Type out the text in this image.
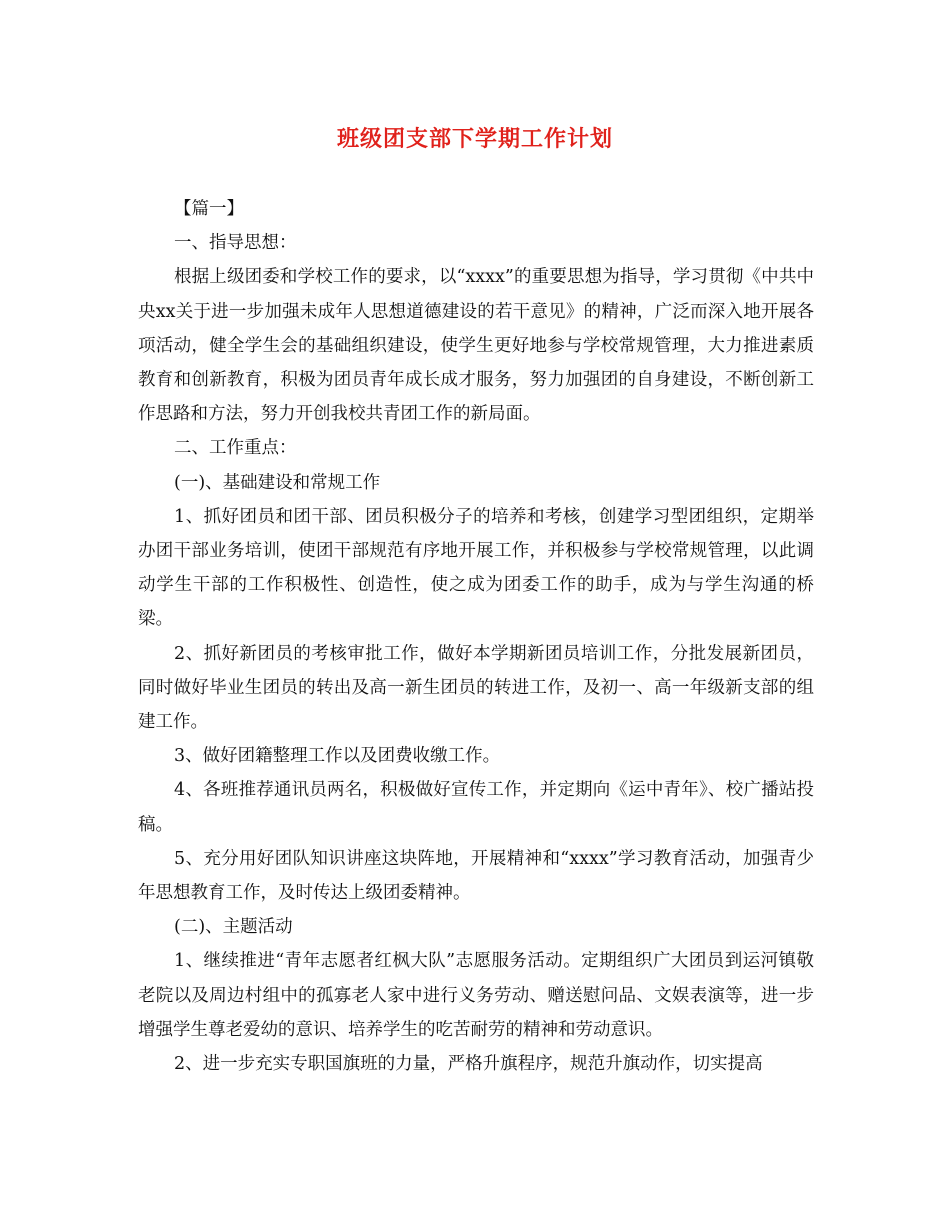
班级团支部下学期工作计划

【篇一】

一、指导思想：

根据上级团委和学校工作的要求，以“xxxx”的重要思想为指导，学习贯彻《中共中央xx关于进一步加强未成年人思想道德建设的若干意见》的精神，广泛而深入地开展各项活动，健全学生会的基础组织建设，使学生更好地参与学校常规管理，大力推进素质教育和创新教育，积极为团员青年成长成才服务，努力加强团的自身建设，不断创新工作思路和方法，努力开创我校共青团工作的新局面。

二、工作重点：

(一)、基础建设和常规工作

1、抓好团员和团干部、团员积极分子的培养和考核，创建学习型团组织，定期举办团干部业务培训，使团干部规范有序地开展工作，并积极参与学校常规管理，以此调动学生干部的工作积极性、创造性，使之成为团委工作的助手，成为与学生沟通的桥梁。

2、抓好新团员的考核审批工作，做好本学期新团员培训工作，分批发展新团员，同时做好毕业生团员的转出及高一新生团员的转进工作，及初一、高一年级新支部的组建工作。

3、做好团籍整理工作以及团费收缴工作。

4、各班推荐通讯员两名，积极做好宣传工作，并定期向《运中青年》、校广播站投稿。

5、充分用好团队知识讲座这块阵地，开展精神和“xxxx”学习教育活动，加强青少年思想教育工作，及时传达上级团委精神。

(二)、主题活动

1、继续推进“青年志愿者红枫大队”志愿服务活动。定期组织广大团员到运河镇敬老院以及周边村组中的孤寡老人家中进行义务劳动、赠送慰问品、文娱表演等，进一步增强学生尊老爱幼的意识、培养学生的吃苦耐劳的精神和劳动意识。

2、进一步充实专职国旗班的力量，严格升旗程序，规范升旗动作，切实提高
